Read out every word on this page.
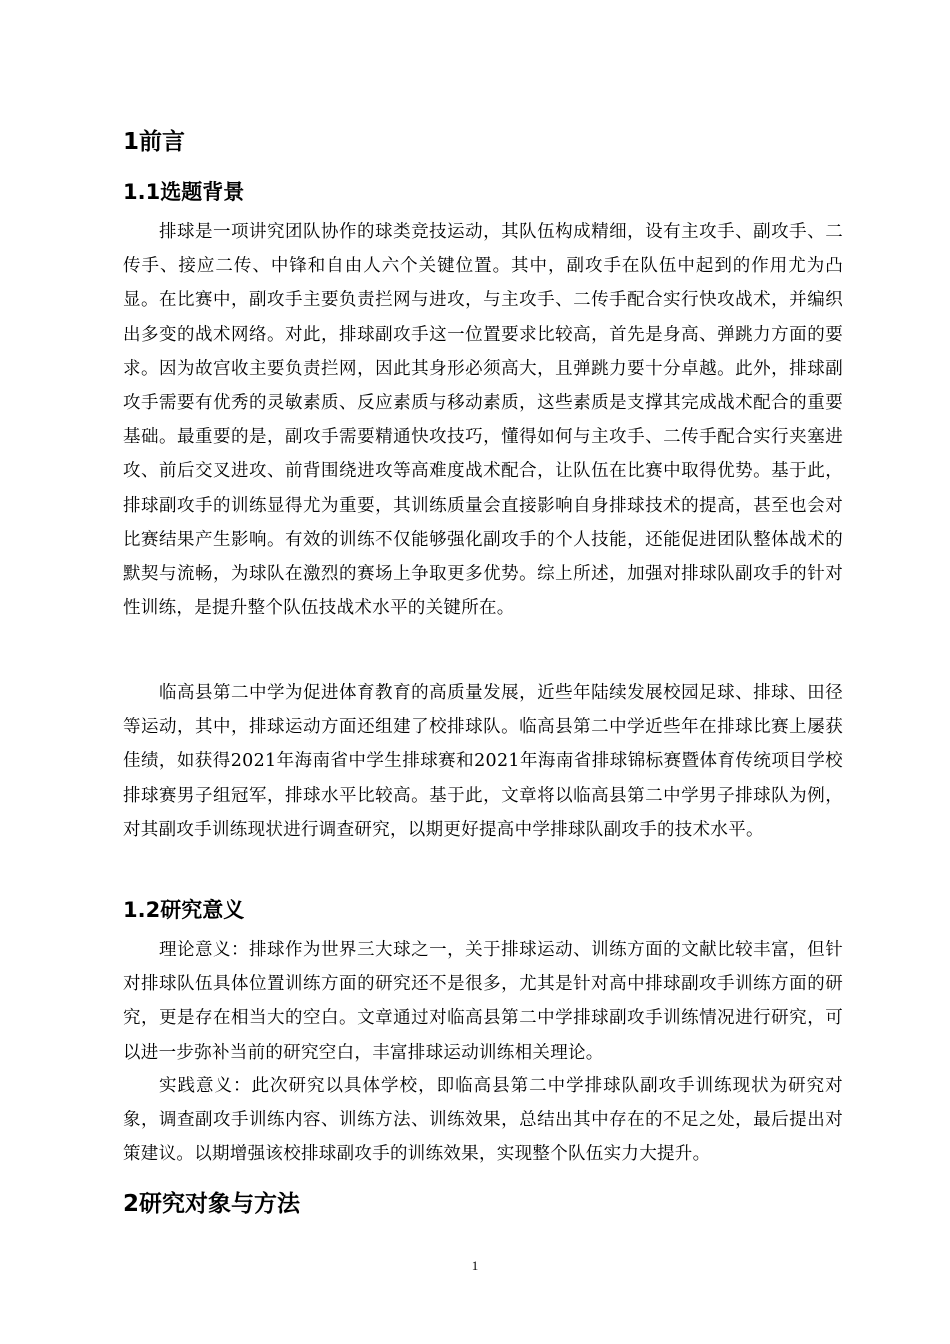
1前言
1.1选题背景

排球是一项讲究团队协作的球类竞技运动，其队伍构成精细，设有主攻手、副攻手、二传手、接应二传、中锋和自由人六个关键位置。其中，副攻手在队伍中起到的作用尤为凸显。在比赛中，副攻手主要负责拦网与进攻，与主攻手、二传手配合实行快攻战术，并编织出多变的战术网络。对此，排球副攻手这一位置要求比较高，首先是身高、弹跳力方面的要求。因为故宫收主要负责拦网，因此其身形必须高大，且弹跳力要十分卓越。此外，排球副攻手需要有优秀的灵敏素质、反应素质与移动素质，这些素质是支撑其完成战术配合的重要基础。最重要的是，副攻手需要精通快攻技巧，懂得如何与主攻手、二传手配合实行夹塞进攻、前后交叉进攻、前背围绕进攻等高难度战术配合，让队伍在比赛中取得优势。基于此，排球副攻手的训练显得尤为重要，其训练质量会直接影响自身排球技术的提高，甚至也会对比赛结果产生影响。有效的训练不仅能够强化副攻手的个人技能，还能促进团队整体战术的默契与流畅，为球队在激烈的赛场上争取更多优势。综上所述，加强对排球队副攻手的针对性训练，是提升整个队伍技战术水平的关键所在。

临高县第二中学为促进体育教育的高质量发展，近些年陆续发展校园足球、排球、田径等运动，其中，排球运动方面还组建了校排球队。临高县第二中学近些年在排球比赛上屡获佳绩，如获得2021年海南省中学生排球赛和2021年海南省排球锦标赛暨体育传统项目学校排球赛男子组冠军，排球水平比较高。基于此，文章将以临高县第二中学男子排球队为例，对其副攻手训练现状进行调查研究，以期更好提高中学排球队副攻手的技术水平。

1.2研究意义

理论意义：排球作为世界三大球之一，关于排球运动、训练方面的文献比较丰富，但针对排球队伍具体位置训练方面的研究还不是很多，尤其是针对高中排球副攻手训练方面的研究，更是存在相当大的空白。文章通过对临高县第二中学排球副攻手训练情况进行研究，可以进一步弥补当前的研究空白，丰富排球运动训练相关理论。

实践意义：此次研究以具体学校，即临高县第二中学排球队副攻手训练现状为研究对象，调查副攻手训练内容、训练方法、训练效果，总结出其中存在的不足之处，最后提出对策建议。以期增强该校排球副攻手的训练效果，实现整个队伍实力大提升。

2研究对象与方法
1
